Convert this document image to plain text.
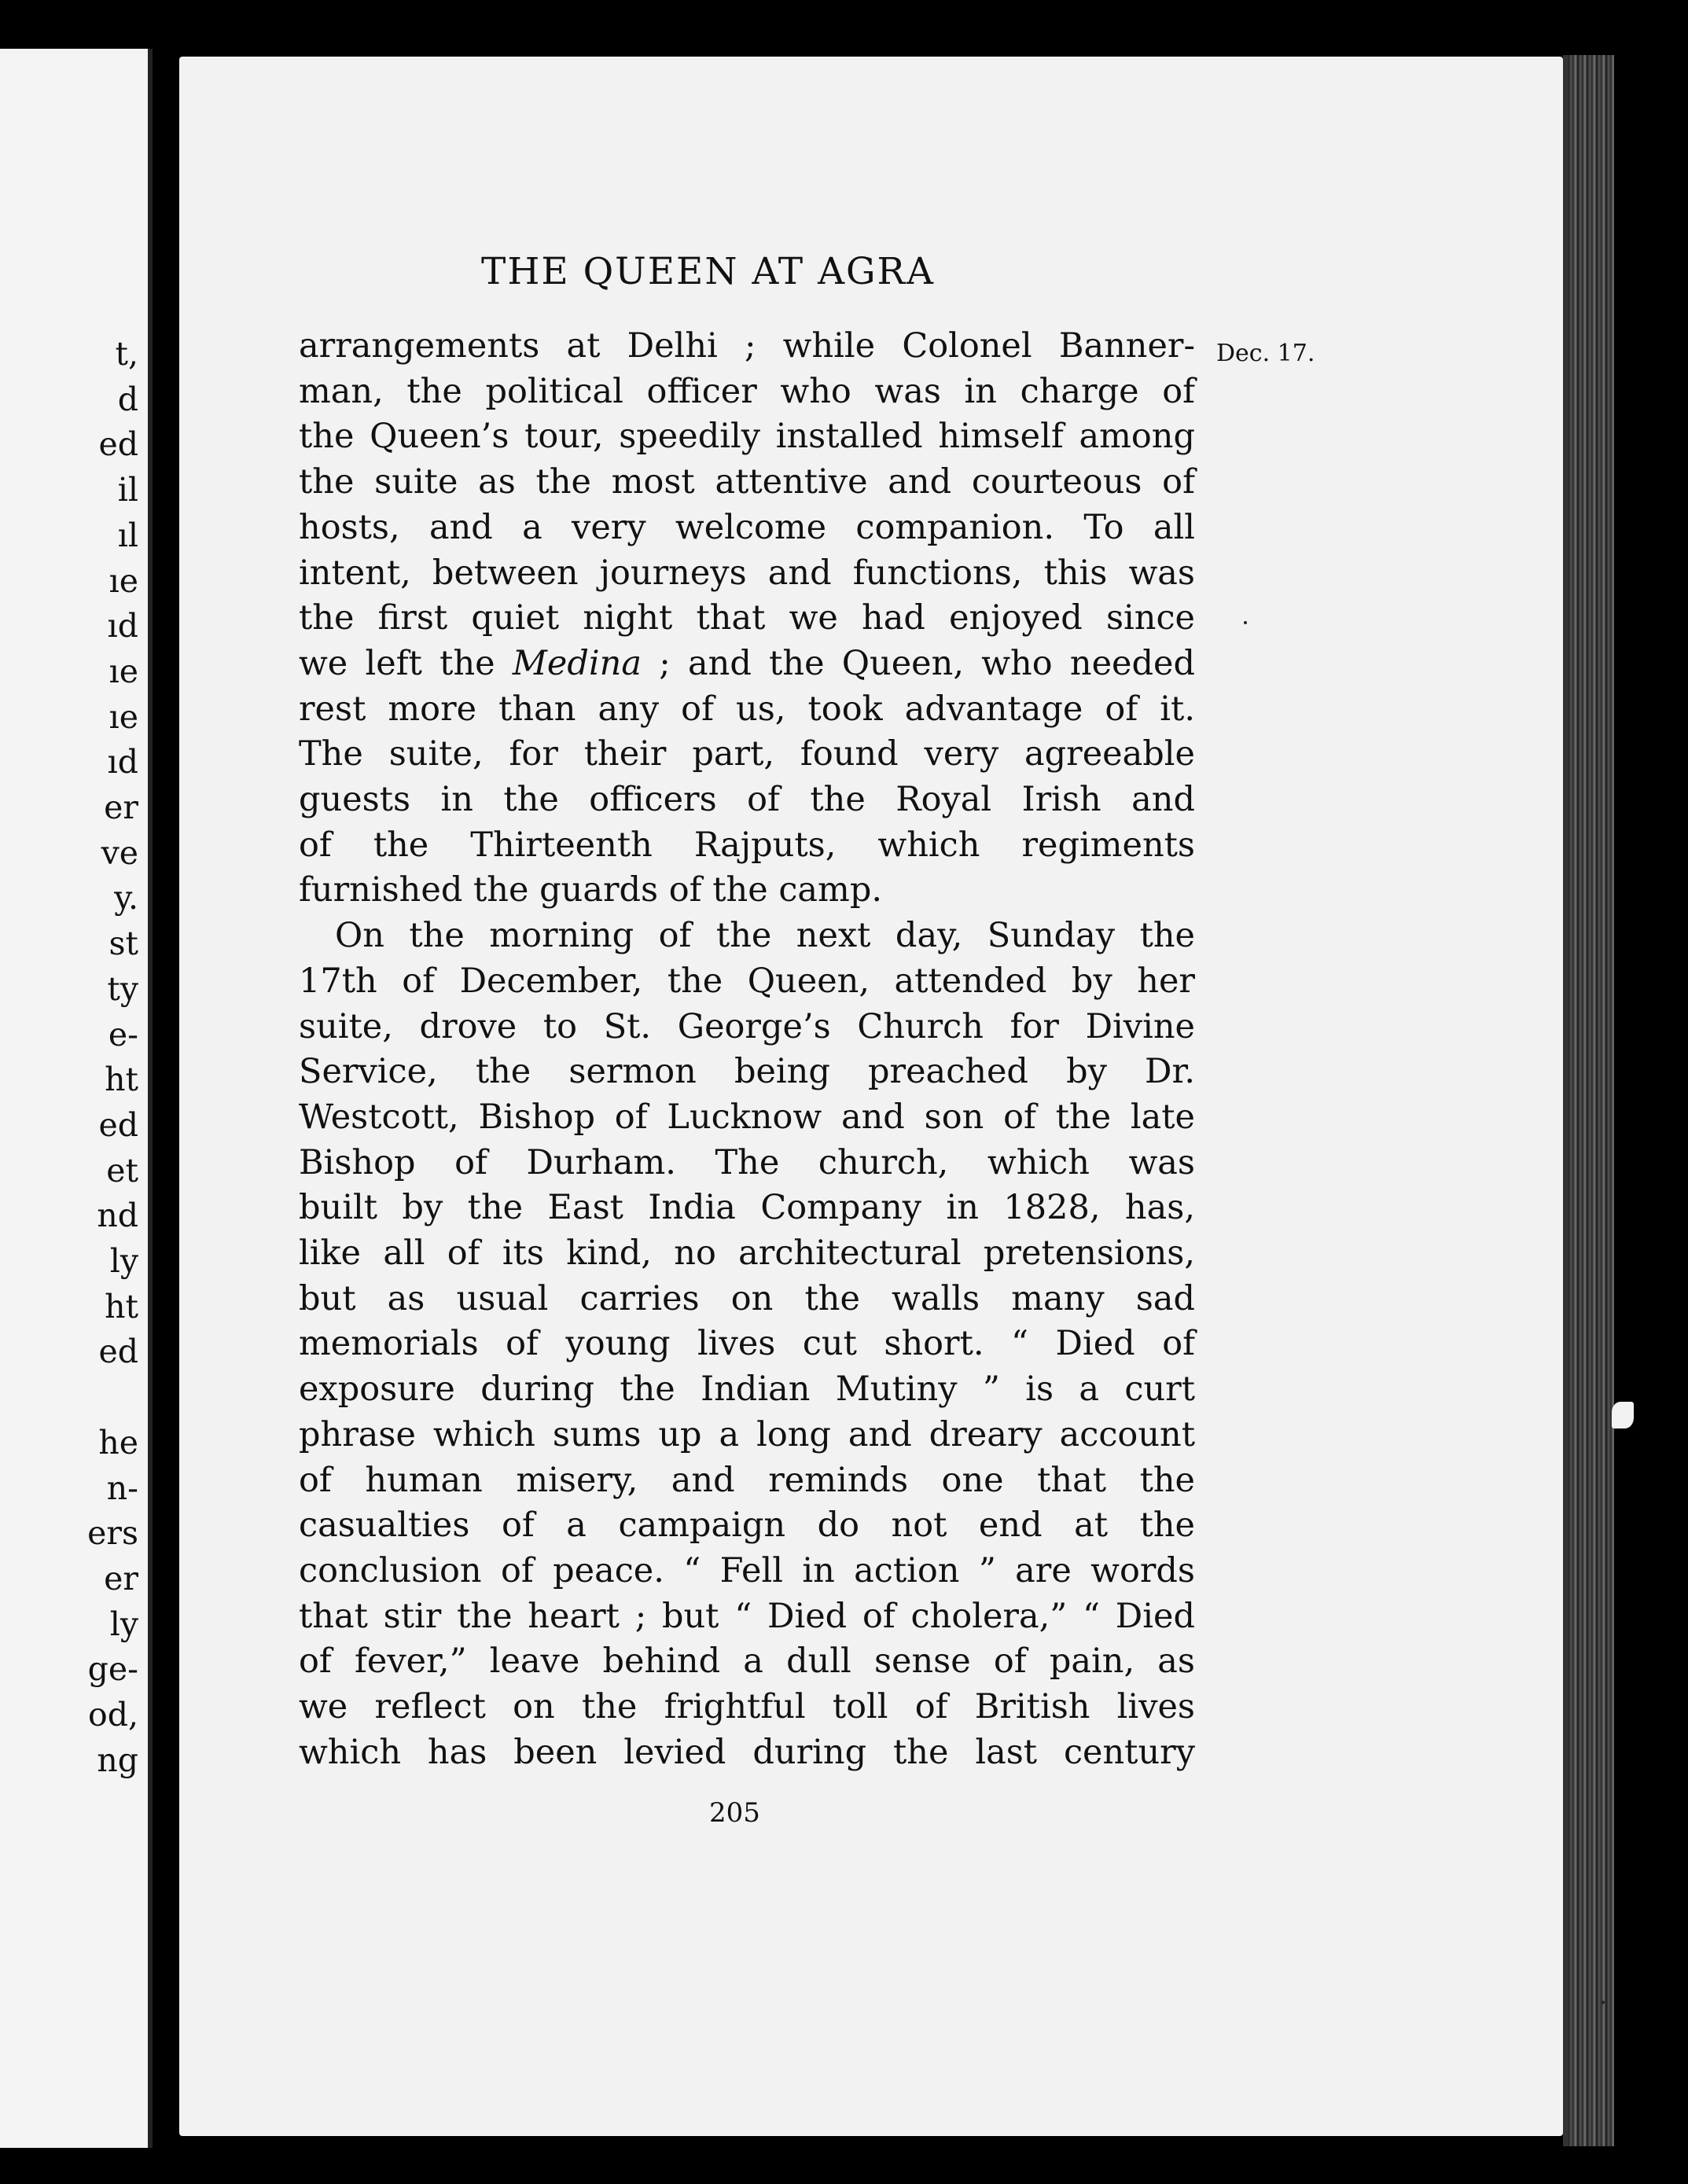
t,
d
ed
il
ıl
ıe
ıd
ıe
ıe
ıd
er
ve
y.
st
ty
e-
ht
ed
et
nd
ly
ht
ed
he
n-
ers
er
ly
ge-
od,
ng
THE QUEEN AT AGRA
Dec. 17.
arrangements at Delhi ; while Colonel Banner-
man, the political officer who was in charge of
the Queen’s tour, speedily installed himself among
the suite as the most attentive and courteous of
hosts, and a very welcome companion. To all
intent, between journeys and functions, this was
the first quiet night that we had enjoyed since
we left the Medina ; and the Queen, who needed
rest more than any of us, took advantage of it.
The suite, for their part, found very agreeable
guests in the officers of the Royal Irish and
of the Thirteenth Rajputs, which regiments
furnished the guards of the camp.
On the morning of the next day, Sunday the
17th of December, the Queen, attended by her
suite, drove to St. George’s Church for Divine
Service, the sermon being preached by Dr.
Westcott, Bishop of Lucknow and son of the late
Bishop of Durham. The church, which was
built by the East India Company in 1828, has,
like all of its kind, no architectural pretensions,
but as usual carries on the walls many sad
memorials of young lives cut short. “ Died of
exposure during the Indian Mutiny ” is a curt
phrase which sums up a long and dreary account
of human misery, and reminds one that the
casualties of a campaign do not end at the
conclusion of peace. “ Fell in action ” are words
that stir the heart ; but “ Died of cholera,” “ Died
of fever,” leave behind a dull sense of pain, as
we reflect on the frightful toll of British lives
which has been levied during the last century
205
